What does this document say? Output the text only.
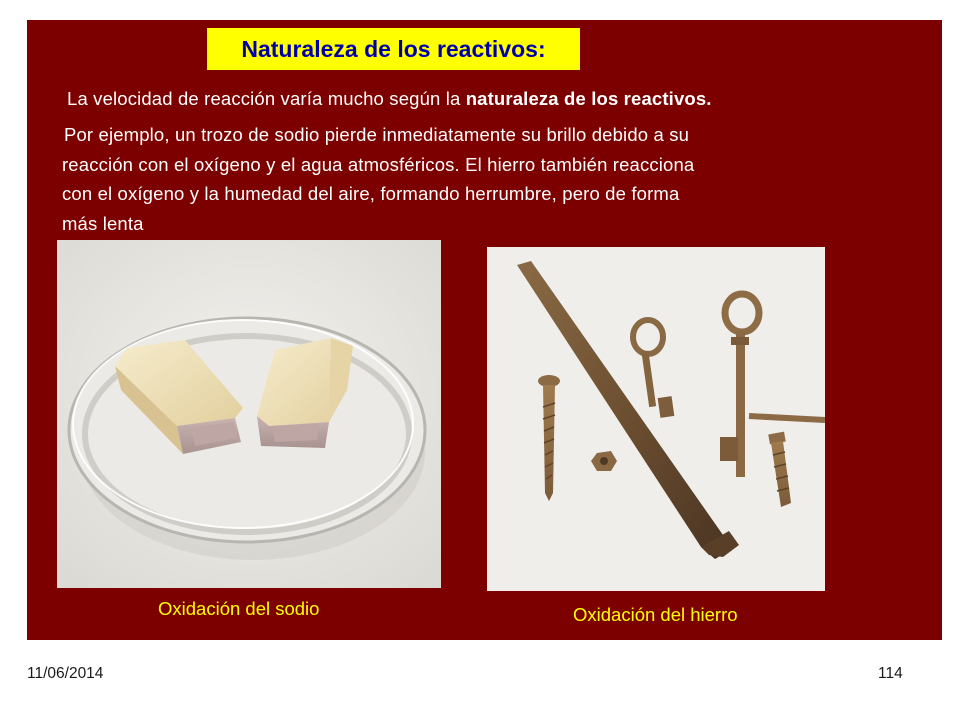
Naturaleza de los reactivos:
La velocidad de reacción varía mucho según la naturaleza de los reactivos.
Por ejemplo, un trozo de sodio pierde inmediatamente su brillo debido a su
reacción con el oxígeno y el agua atmosféricos. El hierro también reacciona
con el oxígeno y la humedad del aire, formando herrumbre, pero de forma
más lenta
Oxidación del sodio	Oxidación del hierro
11/06/2014	114
